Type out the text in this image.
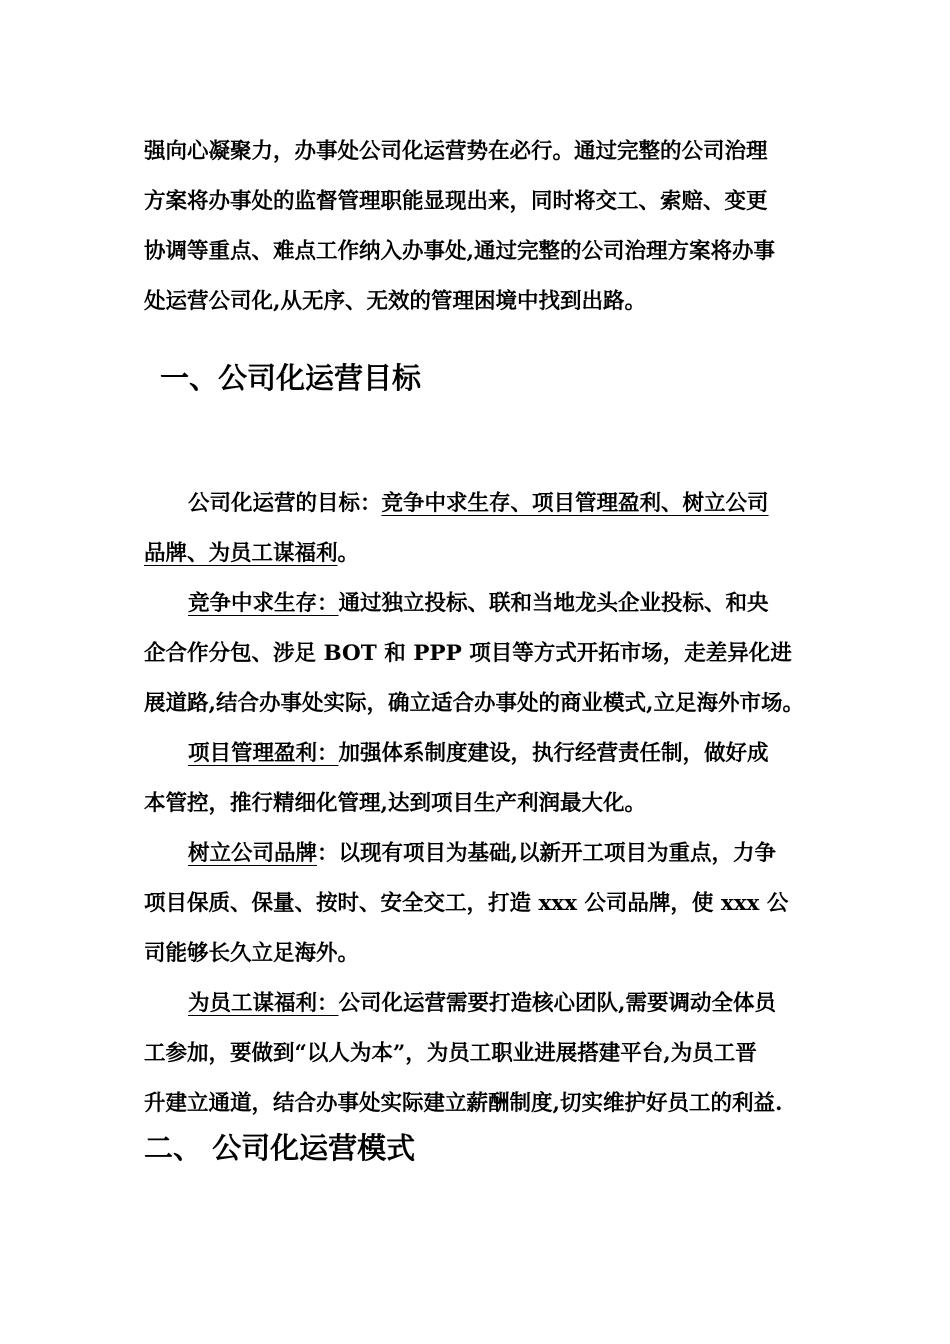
强向心凝聚力，办事处公司化运营势在必行。通过完整的公司治理
方案将办事处的监督管理职能显现出来，同时将交工、索赔、变更
协调等重点、难点工作纳入办事处,通过完整的公司治理方案将办事
处运营公司化,从无序、无效的管理困境中找到出路。
一、公司化运营目标
公司化运营的目标：竞争中求生存、项目管理盈利、树立公司
品牌、为员工谋福利。
竞争中求生存：通过独立投标、联和当地龙头企业投标、和央
企合作分包、涉足 BOT 和 PPP 项目等方式开拓市场，走差异化进
展道路,结合办事处实际，确立适合办事处的商业模式,立足海外市场。
项目管理盈利：加强体系制度建设，执行经营责任制，做好成
本管控，推行精细化管理,达到项目生产利润最大化。
树立公司品牌：以现有项目为基础,以新开工项目为重点，力争
项目保质、保量、按时、安全交工，打造 xxx 公司品牌，使 xxx 公
司能够长久立足海外。
为员工谋福利：公司化运营需要打造核心团队,需要调动全体员
工参加，要做到“以人为本”，为员工职业进展搭建平台,为员工晋
升建立通道，结合办事处实际建立薪酬制度,切实维护好员工的利益.
二、 公司化运营模式
